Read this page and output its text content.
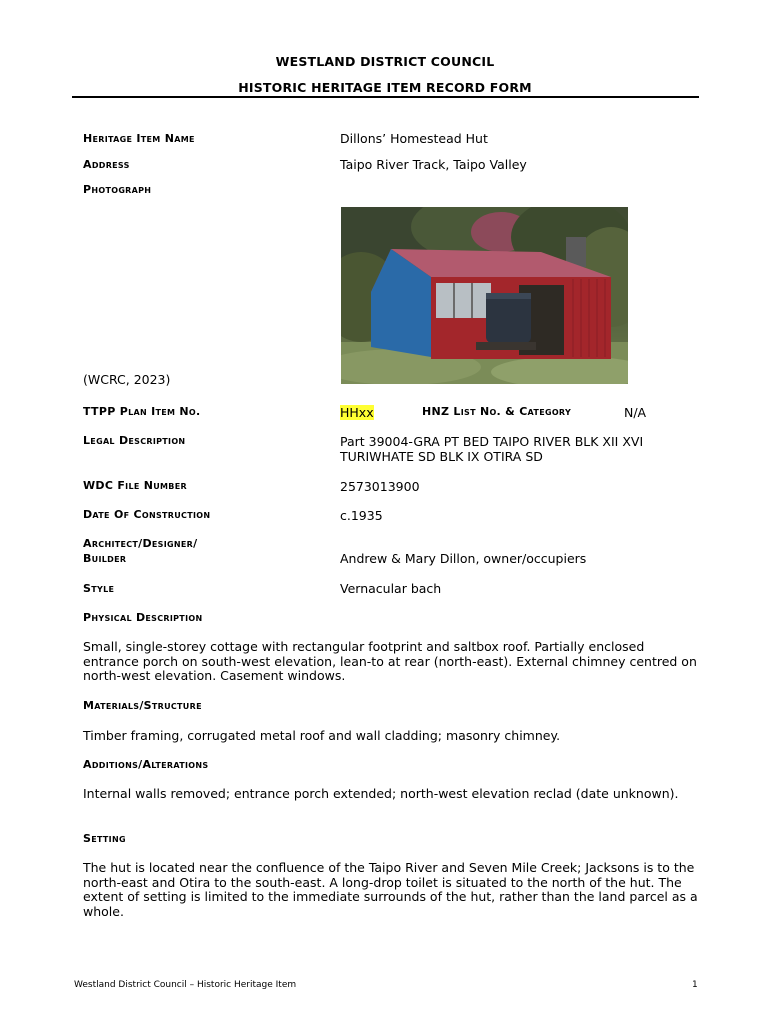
WESTLAND DISTRICT COUNCIL
HISTORIC HERITAGE ITEM RECORD FORM
Heritage Item Name	Dillons’ Homestead Hut
Address	Taipo River Track, Taipo Valley
Photograph
(WCRC, 2023)
TTPP Plan Item No.	HHxx	HNZ List No. & Category	N/A
Legal Description	Part 39004-GRA PT BED TAIPO RIVER BLK XII XVI
TURIWHATE SD BLK IX OTIRA SD
WDC File Number	2573013900
Date Of Construction	c.1935
Architect/Designer/
Builder	Andrew & Mary Dillon, owner/occupiers
Style	Vernacular bach
Physical Description
Small, single-storey cottage with rectangular footprint and saltbox roof. Partially enclosed entrance porch on south-west elevation, lean-to at rear (north-east). External chimney centred on north-west elevation. Casement windows.
Materials/Structure
Timber framing, corrugated metal roof and wall cladding; masonry chimney.
Additions/Alterations
Internal walls removed; entrance porch extended; north-west elevation reclad (date unknown).
Setting
The hut is located near the confluence of the Taipo River and Seven Mile Creek; Jacksons is to the north-east and Otira to the south-east. A long-drop toilet is situated to the north of the hut. The extent of setting is limited to the immediate surrounds of the hut, rather than the land parcel as a whole.
Westland District Council – Historic Heritage Item	1
